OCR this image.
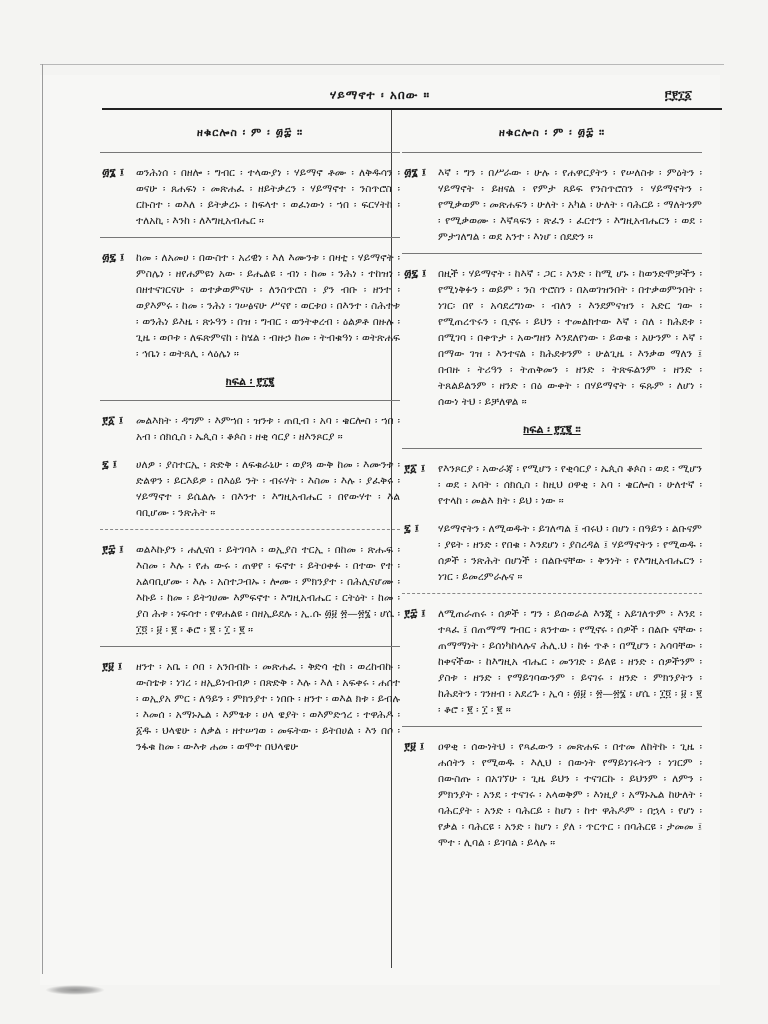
ሃይማኖተ ፡ አበው ።	፫፻፲፩
ዘቁርሎስ ፡ ም ፡ ፴፰ ።
፴፮ ፤	ወንሕነሰ ፡ በዘሎ ፡ ግብር ፡ ተላውያነ ፡ ሃይማኖ ቶሙ ፡ ለቅዱሳን ፡ ወናሁ ፡ ጸሐፍነ ፡ መጽሐፈ ፡ ዘይትቃረን ፡ ሃይማኖተ ፡ ንስጥሮስ ፡ ርኩስተ ፡ ወእለ ፡ ይትቃረኑ ፡ ከፍላተ ፡ ወፈነውነ ፡ ኀበ ፡ ፍርሃትከ ፡ ተለአኪ ፡ እንከ ፡ ለእግዚአብሔር ።
፴፯ ፤	ከመ ፡ ለአመሀ ፡ በውስተ ፡ አሪዊነ ፡ እለ እሙንቱ ፡ በዛቲ ፡ ሃይማኖት ፡ ምስሌነ ፡ ዘየሐምዩነ አው ፡ ይሔልዩ ፡ ብነ ፡ ከመ ፡ ንሕነ ፡ ተከዝነ ፡ በዘተናገርናሁ ፡ ወተቃወምናሁ ፡ ለንስጥሮስ ፡ ያን ብቡ ፡ ዘንተ ፡ ወያእምሩ ፡ ከመ ፡ ንሕነ ፡ ገሠፅናሁ ሥናየ ፡ ወርቱዐ ፡ በእንተ ፡ ስሕተቱ ፡ ወንሕነ ይእዜ ፡ ጽኑዓን ፡ በዝ ፡ ግብር ፡ ወንትቀረብ ፡ ዕልዎቶ በዙሉ ፡ ጊዜ ፡ ወቦቱ ፡ ለፍጽምናከ ፡ ከሄል ፡ ብዙኃ ከመ ፡ ትብቁዓነ ፡ ወትጽሐፍ ፡ ኅቤነ ፡ ወትጸሊ ፡ ላዕሌነ ።
ክፍል ፡ ፻፲፪
፻፩ ፤	መልእክት ፡ ዳግም ፡ እምኀበ ፡ ዝንቱ ፡ ጠቢብ ፡ አባ ፡ ቄርሎስ ፡ ኀበ ፡ አብ ፡ ሰክሲስ ፡ ኤጲስ ፡ ቆጶስ ፡ ዘቂ ሳርያ ፡ ዘእንጾርያ ።
፯ ፤	ሀለዎ ፡ ያስተርኢ ፡ ጽድቅ ፡ ለፍቁራኒሁ ፡ ወያጓ ውቅ ከመ ፡ እሙንቱ ፡ ድልዋን ፡ ይርእይዎ ፡ በእዕይ ንት ፡ ብሩሃት ፡ እስመ ፡ እሉ ፡ ያፈቅሩ ፡ ሃይማኖተ ፡ ይሴልሉ ፡ በእንተ ፡ እግዚአብሔር ፡ በየውሃተ ፡ እል ባቢሆሙ ፡ ንጽሕት ።
፻፰ ፤	ወልእኩያን ፡ ሐሊናሰ ፡ ይትገባእ ፡ ወኢያስ ተርኢ ፡ በከመ ፡ ጽሑፍ ፡ እስመ ፡ እሉ ፡ የሐ ውሩ ፡ ጠዋየ ፡ ፍኖተ ፡ ይትዐቀፉ ፡ በተው የተ ፡ አልባቢሆሙ ፡ እሉ ፡ አስተጋብኡ ፡ ሎሙ ፡ ምክንያተ ፡ በሕሊናሆሙ ፡ እኩይ ፡ ከመ ፡ ይትጎሀሙ እምፍኖተ ፡ እግዚአብሔር ፡ ርትዕት ፡ ከመ ፡ ያስ ሕቱ ፡ ነፍሳተ ፡ የዋሐልዩ ፡ በዘኢይደሉ ፡ ኢ.ሱ ፴፱ ፳—፳፮ ፡ ሆሴ ፡ ፲፬ ፡ ፱ ፡ ፪ ፡ ቆሮ ፡ ፪ ፡ ፲ ፡ ፪ ።
፻፱ ፤	ዘንተ ፡ አቤ ፡ ሶበ ፡ አንበብኩ ፡ መጽሐፈ ፡ ቅድሳ ቲከ ፡ ወረከብኩ ፡ ውስቴቱ ፡ ነገረ ፡ ዘኢይነብብዎ ፡ በጽድቅ ፡ እሉ ፡ እለ ፡ አፍቀሩ ፡ ሐሰተ ፡ ወኢያአ ምር ፡ ለዓይን ፡ ምክንያተ ፡ ነበቡ ፡ ዘንተ ፡ ወእል ክቱ ፡ ይብሉ ፡ እመሰ ፡ አማኑኤል ፡ እምፄቱ ፡ ሀላ ዌያት ፡ ወእምድኅረ ፡ ተዋሕዶ ፡ ፩ዱ ፡ ህላዌሁ ፡ ለቃል ፡ ዘተሠገወ ፡ መፍትው ፡ ይትበሀል ፡ እን በሶ ፡ ንፋቁ ከመ ፡ ውእቱ ሐመ ፡ ወሞተ በህላዌሁ
ዘቁርሎስ ፡ ም ፡ ፴፰ ።
፴፮ ፤	እኛ ፡ ግን ፡ በሥራው ፡ ሁሉ ፡ የሐዋርያትን ፡ የሠለስቱ ፡ ምዕትን ፡ ሃይማኖት ፡ ይዘናል ፡ የምታ ጸይፍ የንስጥሮስን ፡ ሃይማኖትን ፡ የሚቃወም ፡ መጽሐፍን ፡ ሁለት ፡ አካል ፡ ሁለት ፡ ባሕርይ ፡ ማለትንም ፡ የሚቃወሙ ፡ እኛጻፍን ፡ ጽፈን ፡ ፈርተን ፡ እግዚአብሔርን ፡ ወደ ፡ ምታገለግል ፡ ወደ አንተ ፡ እነሆ ፡ ሰደድን ።
፴፯ ፤	በዚች ፡ ሃይማኖት ፡ ከእኛ ፡ ጋር ፡ አንድ ፡ ከሚ ሆኑ ፡ ከወንድሞቻችን ፡ የሚነቅፉን ፡ ወይም ፡ ንስ ጥሮስን ፡ በአወገዝንበት ፡ በተቃወምንበት ፡ ነገር፡ በየ ፡ አሳደረግነው ፡ ብለን ፡ እንደምናዝን ፡ አድር ገው ፡ የሚጠረጥሩን ፡ ቢኖሩ ፡ ይህን ፡ ተመልክተው እኛ ፡ ስለ ፡ ክሕደቱ ፡ በሚገባ ፡ በቀጥታ ፡ አውግዘን እንደለየነው ፡ ይወቁ ፡ አሁንም ፡ እኛ ፡ በማው ገዝ ፡ እንተናል ፡ ክሕደቱንም ፡ ሁልጊዜ ፡ እንቃወ ማለን ፤ በብዙ ፡ ትሪዓን ፡ ትጠቅመን ፡ ዘንድ ፡ ትጽፍልንም ፡ ዘንድ ፡ ትጸልይልንም ፡ ዘንድ ፡ በዕ ውቀት ፡ በሃይማኖት ፡ ፍጹም ፡ ለሆነ ፡ ሰውነ ትህ ፡ ይቻለዋል ።
ክፍል ፡ ፻፲፪ ።
፻፩ ፤	የእንጾርያ ፡ አውራጃ ፡ የሚሆን ፡ የቂሳርያ ፡ ኤጲስ ቆጶስ ፡ ወደ ፡ ሚሆን ፡ ወደ ፡ አባት ፡ ሰክሲስ ፡ ከዚህ ዐዋቂ ፡ አባ ፡ ቄርሎስ ፡ ሁለተኛ ፡ የተላከ ፡ መልእ ክት ፡ ይህ ፡ ነው ።
፯ ፤	ሃይማኖትን ፡ ለሚወዱት ፡ ይገለጣል ፤ ብሩህ ፡ በሆነ ፡ በዓይን ፡ ልቡናም ፡ ያዩት ፡ ዘንድ ፡ የበቁ ፡ እንደሆነ ፡ ያስረዳል ፤ ሃይማኖትን ፡ የሚወዱ ፡ ሰዎች ፡ ንጽሕት በሆነች ፡ በልቡናቸው ፡ ቅንነት ፡ የእግዚአብሔርን ፡ ነገር ፡ ይመረምራሉና ።
፻፰ ፤	ለሚጠራጠሩ ፡ ሰዎች ፡ ግን ፡ ይሰወራል እንጂ ፡ አይገለጥም ፡ እንደ ፡ ተጻፈ ፤ በጠማማ ግብር ፡ ጸንተው ፡ የሚኖሩ ፡ ሰዎች ፡ በልቡ ናቸው ፡ ጠማማነት ፡ ይሰነካከላሉና ሕሊ.ህ ፡ ከፉ ጥቶ ፡ በሚሆን ፡ አሳባቸው ፡ ከቀናችው ፡ ከእግዚአ ብሔር ፡ መንገድ ፡ ይለዩ ፡ ዘንድ ፡ ሰዎችንም ፡ ያስቱ ፡ ዘንድ ፡ የማይገባውንም ፡ ይናገሩ ፡ ዘንድ ፡ ምክንያትን ፡ ከሕደትን ፡ ገንዘብ ፡ አደረጉ ፡ ኢሳ ፡ ፴፱ ፡ ፳—፳፮ ፡ ሆሴ ፡ ፲፬ ፡ ፱ ፡ ፪ ፡ ቆሮ ፡ ፪ ፡ ፲ ፡ ፪ ።
፻፱ ፤	ዐዋቂ ፡ ሰውነትህ ፡ የጻፈውን ፡ መጽሐፍ ፡ በተመ ለከትኩ ፡ ጊዜ ፡ ሐሰትን ፡ የሚወዱ ፡ እሊህ ፡ በውነት የማይነገሩትን ፡ ነገርም ፡ በውስጡ ፡ በአገኘሁ ፡ ጊዜ ይህን ፡ ተናገርኩ ፡ ይህንም ፡ ለምን ፡ ምክንያት ፡ አንደ ፡ ተናገሩ ፡ አላወቅም ፡ እነዚያ ፡ አማኑኤል ከሁለት ፡ ባሕርያት ፡ አንድ ፡ ባሕርይ ፡ ከሆነ ፡ ከተ ዋሕዶም ፡ በኋላ ፡ የሆነ ፡ የቃል ፡ ባሕርዩ ፡ አንድ ፡ ከሆነ ፡ ያለ ፡ ጥርጥር ፡ በባሕርዩ ፡ ታመመ ፤ ሞተ ፡ ሊባል ፡ ይገባል ፡ ይላሉ ።
